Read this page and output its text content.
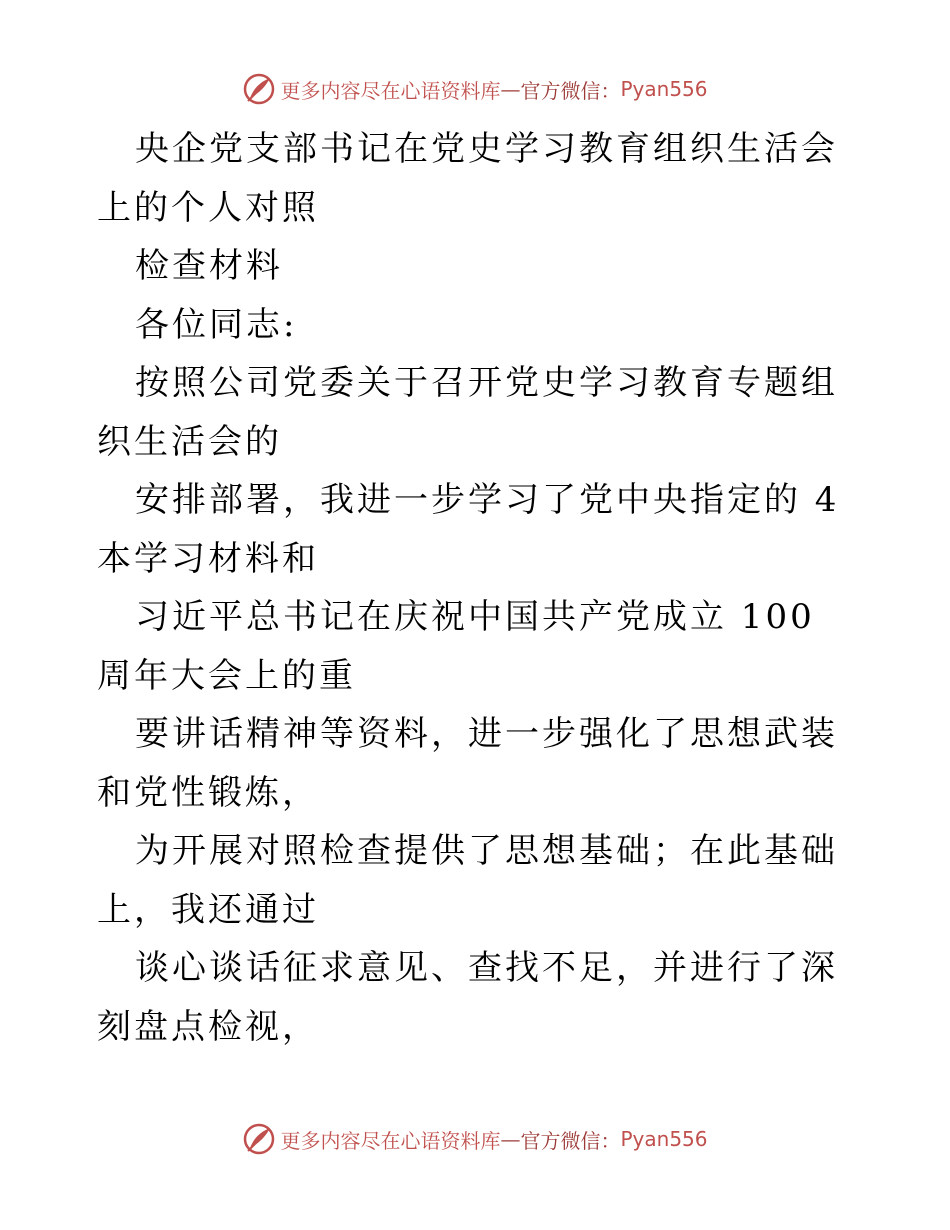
更多内容尽在心语资料库 — 官方微信： Pyan556

央企党支部书记在党史学习教育组织生活会上的个人对照

检查材料

各位同志:

按照公司党委关于召开党史学习教育专题组织生活会的

安排部署，我进一步学习了党中央指定的 4 本学习材料和

习近平总书记在庆祝中国共产党成立 100 周年大会上的重

要讲话精神等资料，进一步强化了思想武装和党性锻炼，

为开展对照检查提供了思想基础；在此基础上，我还通过

谈心谈话征求意见、查找不足，并进行了深刻盘点检视，

更多内容尽在心语资料库 — 官方微信： Pyan556
